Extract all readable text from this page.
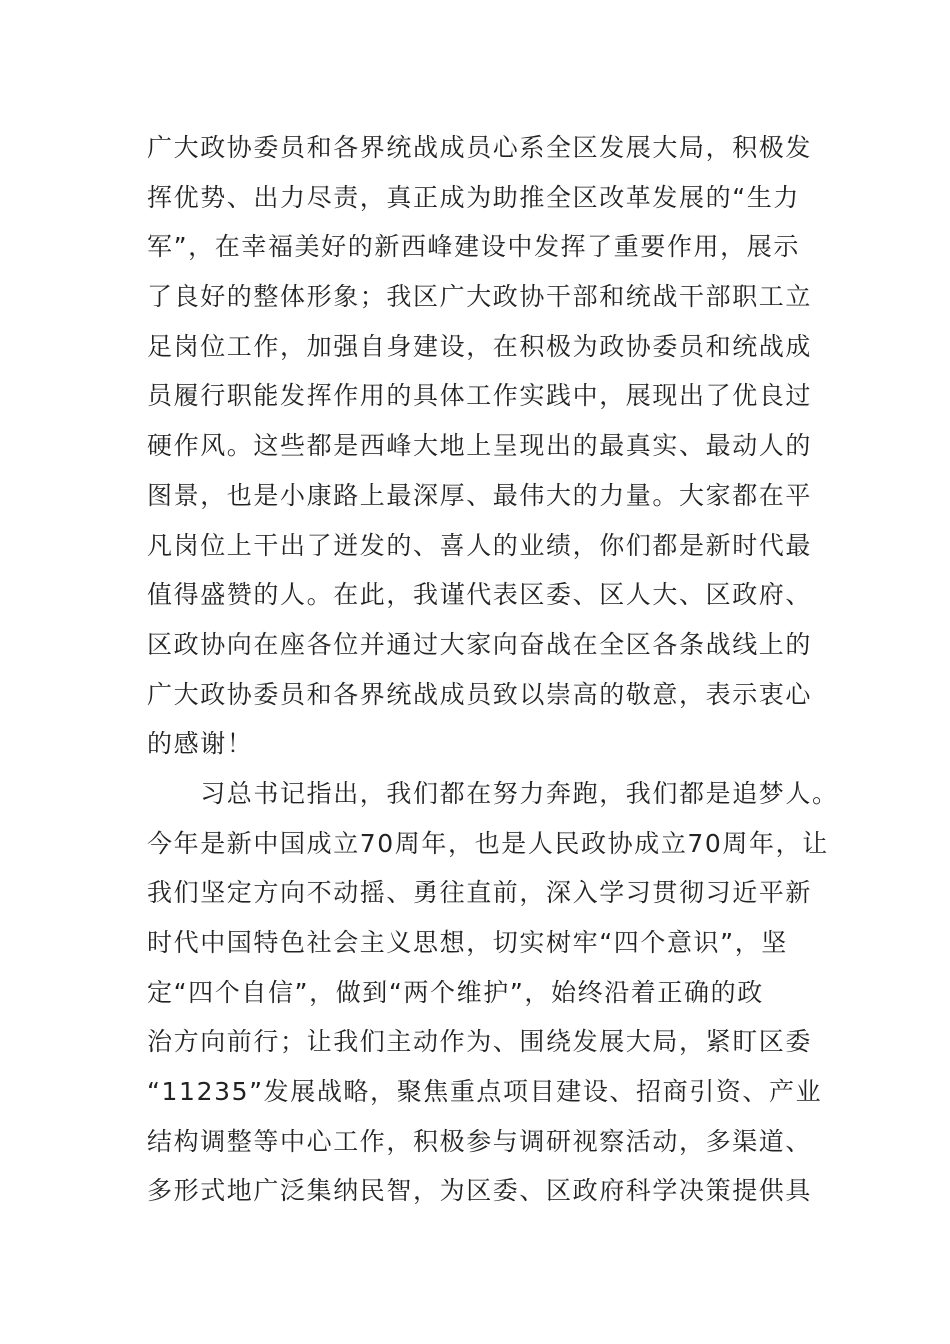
广大政协委员和各界统战成员心系全区发展大局，积极发
挥优势、出力尽责，真正成为助推全区改革发展的“生力
军”，在幸福美好的新西峰建设中发挥了重要作用，展示
了良好的整体形象；我区广大政协干部和统战干部职工立
足岗位工作，加强自身建设，在积极为政协委员和统战成
员履行职能发挥作用的具体工作实践中，展现出了优良过
硬作风。这些都是西峰大地上呈现出的最真实、最动人的
图景，也是小康路上最深厚、最伟大的力量。大家都在平
凡岗位上干出了迸发的、喜人的业绩，你们都是新时代最
值得盛赞的人。在此，我谨代表区委、区人大、区政府、
区政协向在座各位并通过大家向奋战在全区各条战线上的
广大政协委员和各界统战成员致以崇高的敬意，表示衷心
的感谢！
　　习总书记指出，我们都在努力奔跑，我们都是追梦人。
今年是新中国成立70周年，也是人民政协成立70周年，让
我们坚定方向不动摇、勇往直前，深入学习贯彻习近平新
时代中国特色社会主义思想，切实树牢“四个意识”，坚
定“四个自信”，做到“两个维护”，始终沿着正确的政
治方向前行；让我们主动作为、围绕发展大局，紧盯区委
“11235”发展战略，聚焦重点项目建设、招商引资、产业
结构调整等中心工作，积极参与调研视察活动，多渠道、
多形式地广泛集纳民智，为区委、区政府科学决策提供具
